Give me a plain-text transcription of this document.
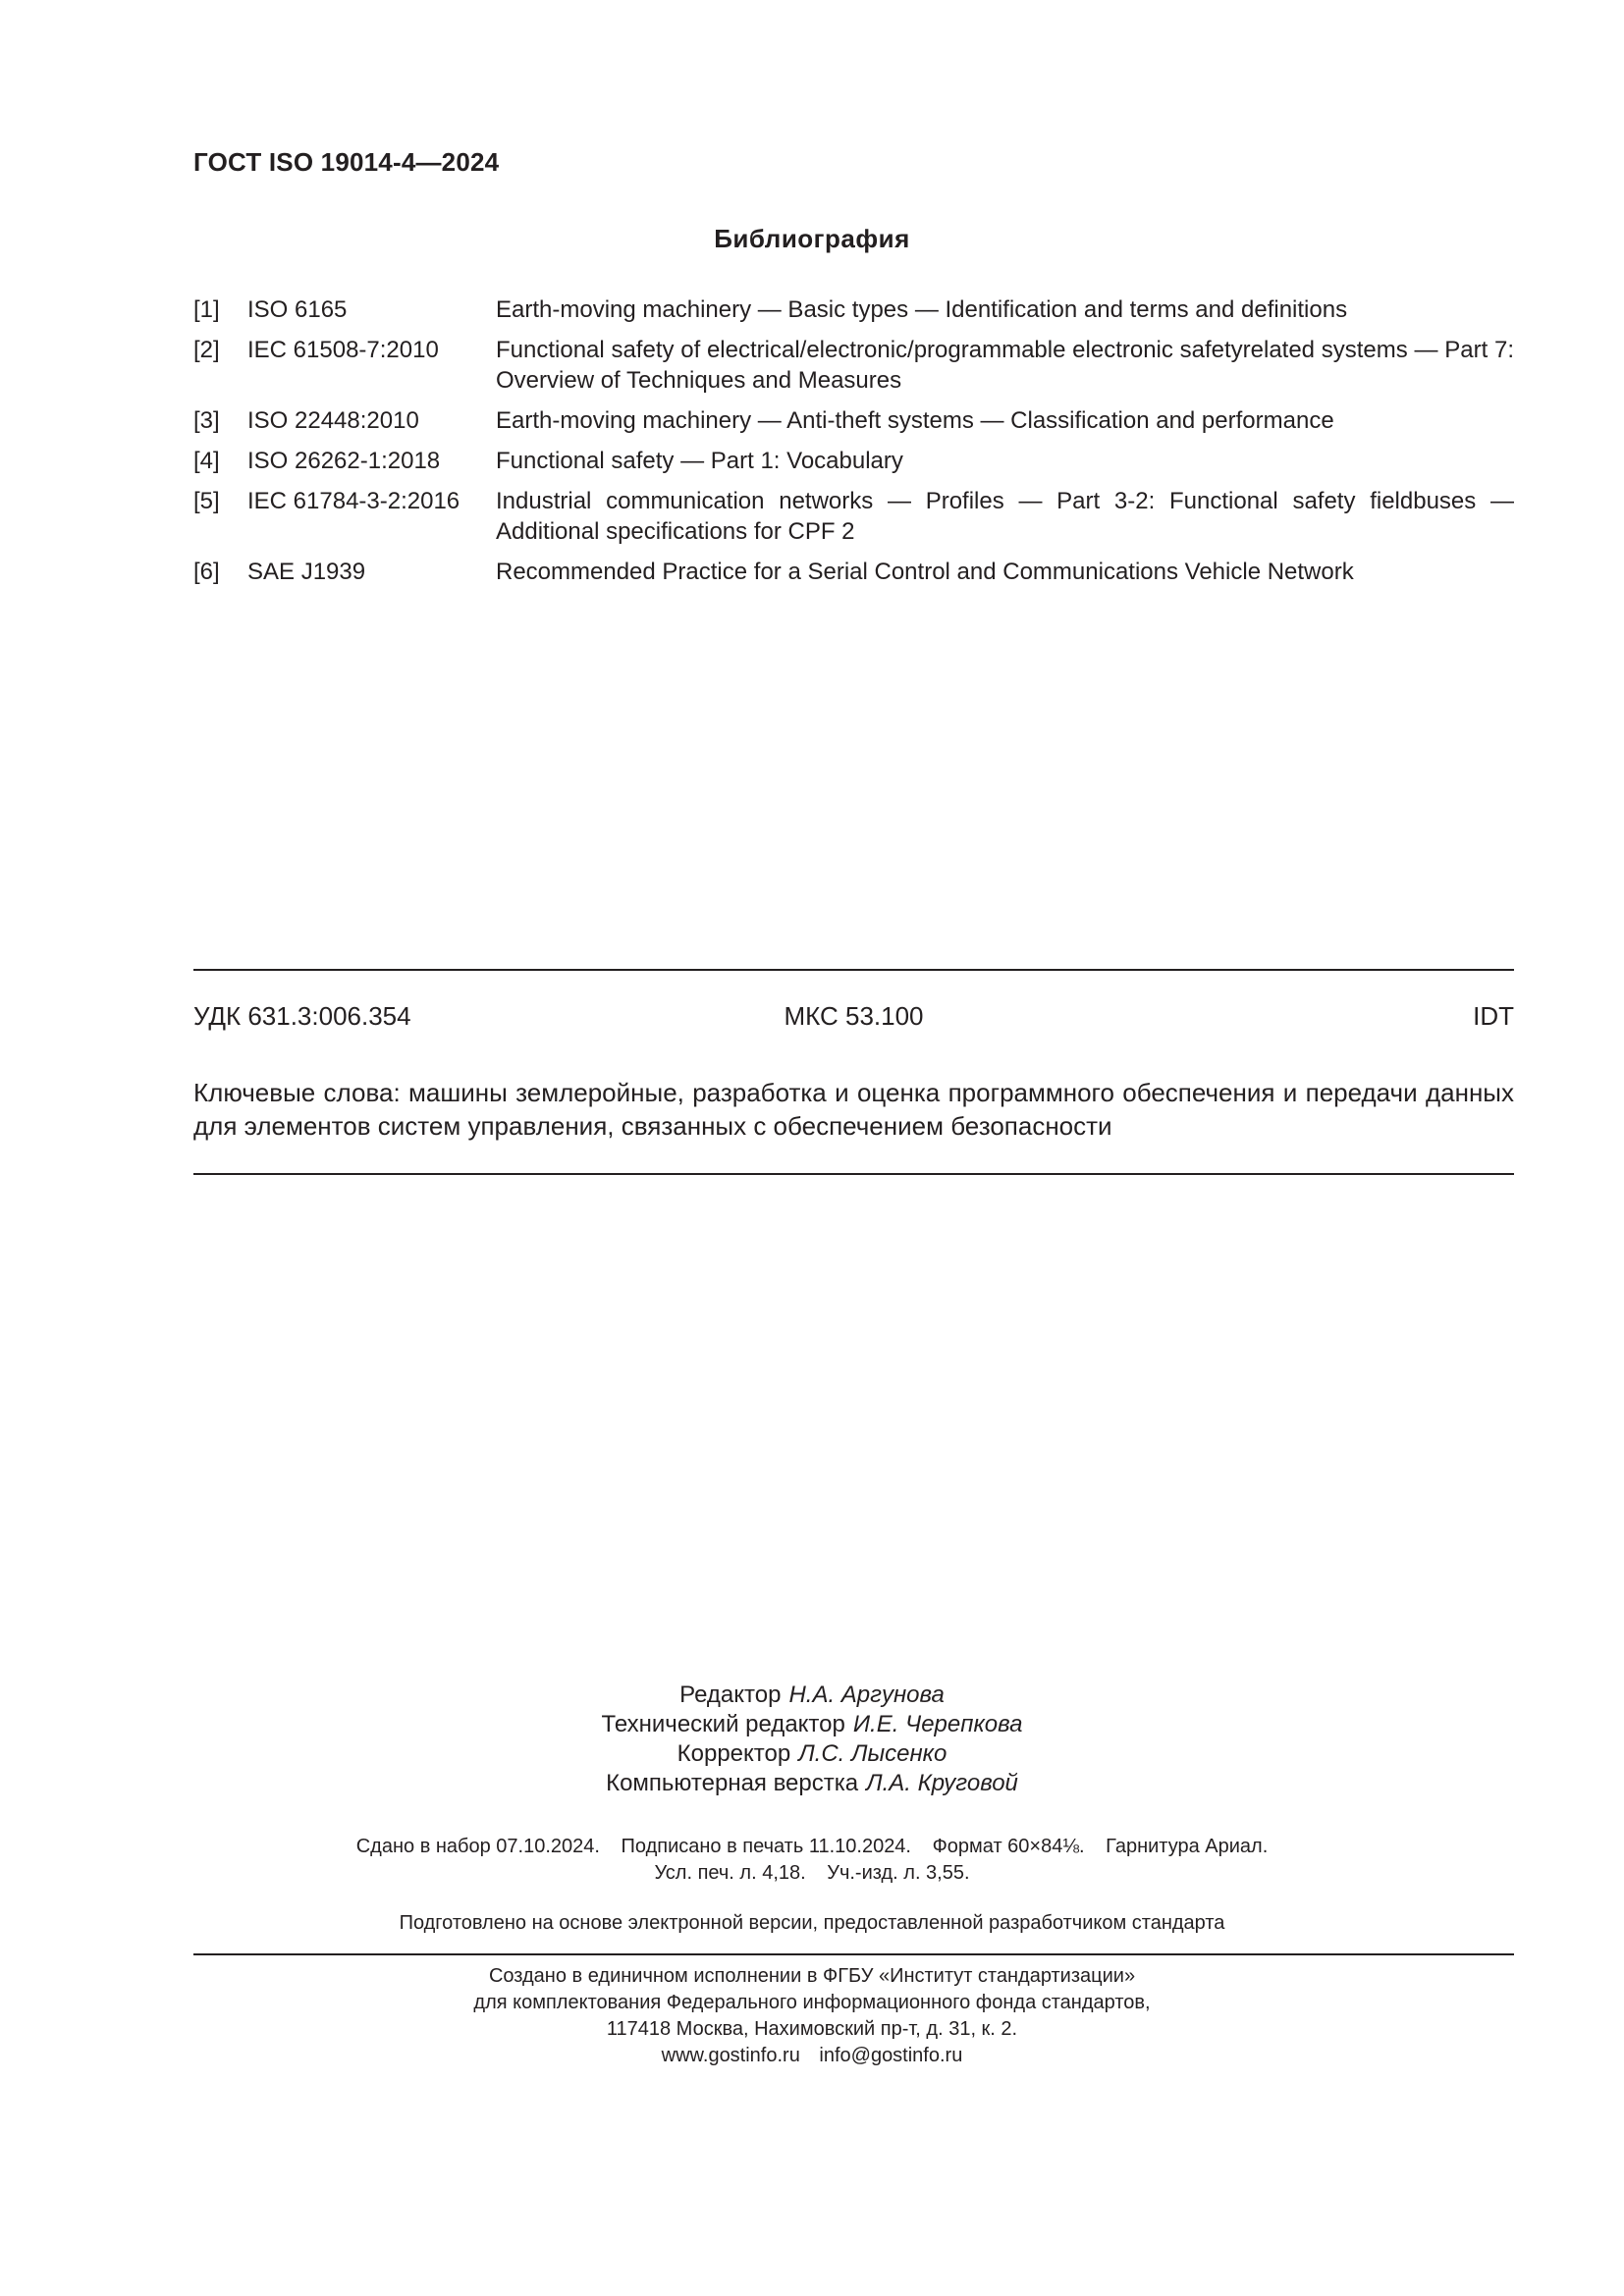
ГОСТ ISO 19014-4—2024
Библиография
[1]	ISO 6165	Earth-moving machinery — Basic types — Identification and terms and definitions
[2]	IEC 61508-7:2010	Functional safety of electrical/electronic/programmable electronic safetyrelated systems — Part 7: Overview of Techniques and Measures
[3]	ISO 22448:2010	Earth-moving machinery — Anti-theft systems — Classification and performance
[4]	ISO 26262-1:2018	Functional safety — Part 1: Vocabulary
[5]	IEC 61784-3-2:2016	Industrial communication networks — Profiles — Part 3-2: Functional safety fieldbuses — Additional specifications for CPF 2
[6]	SAE J1939	Recommended Practice for a Serial Control and Communications Vehicle Network
УДК 631.3:006.354	МКС 53.100	IDT
Ключевые слова: машины землеройные, разработка и оценка программного обеспечения и передачи данных для элементов систем управления, связанных с обеспечением безопасности
Редактор Н.А. Аргунова
Технический редактор И.Е. Черепкова
Корректор Л.С. Лысенко
Компьютерная верстка Л.А. Круговой
Сдано в набор 07.10.2024. Подписано в печать 11.10.2024. Формат 60×84⅛. Гарнитура Ариал.
Усл. печ. л. 4,18. Уч.-изд. л. 3,55.
Подготовлено на основе электронной версии, предоставленной разработчиком стандарта
Создано в единичном исполнении в ФГБУ «Институт стандартизации»
для комплектования Федерального информационного фонда стандартов,
117418 Москва, Нахимовский пр-т, д. 31, к. 2.
www.gostinfo.ru info@gostinfo.ru
